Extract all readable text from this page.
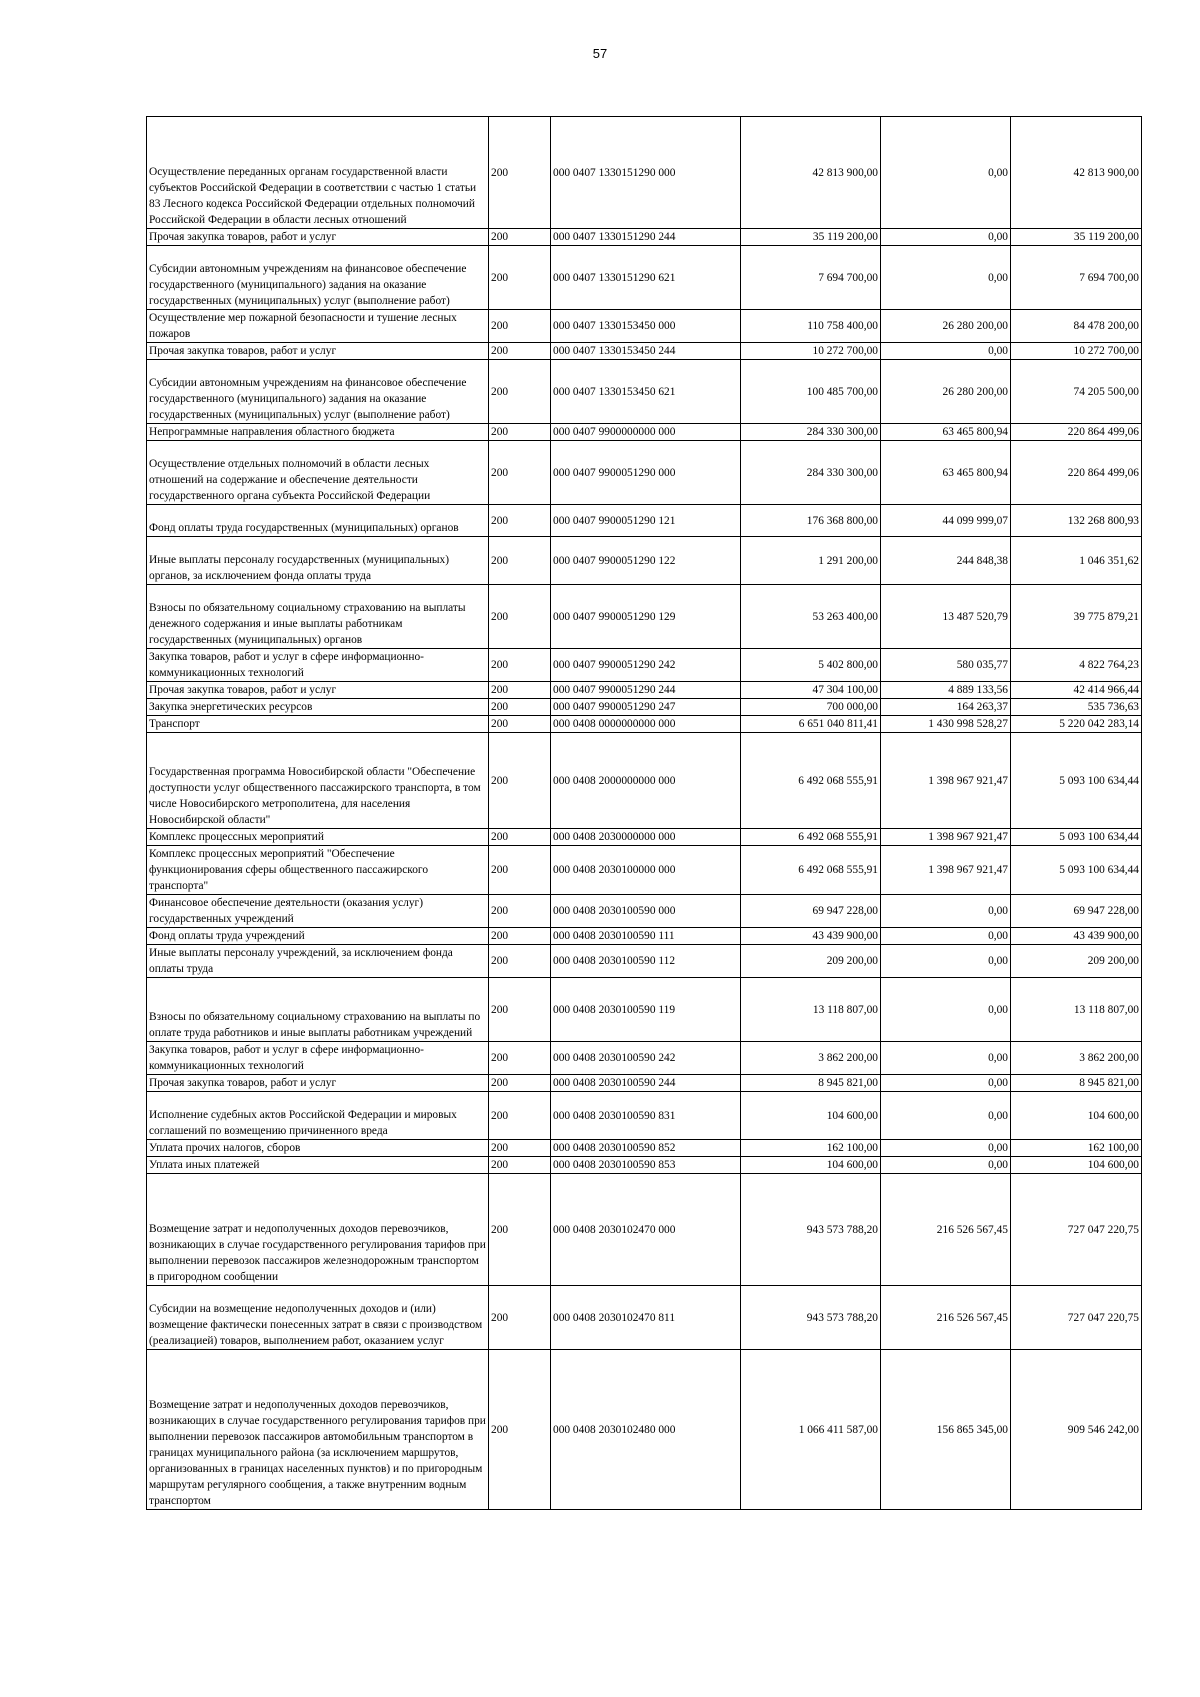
57
Осуществление переданных органам государственной власти субъектов Российской Федерации в соответствии с частью 1 статьи 83 Лесного кодекса Российской Федерации отдельных полномочий Российской Федерации в области лесных отношений	200	000 0407 1330151290 000	42 813 900,00	0,00	42 813 900,00
Прочая закупка товаров, работ и услуг	200	000 0407 1330151290 244	35 119 200,00	0,00	35 119 200,00
Субсидии автономным учреждениям на финансовое обеспечение государственного (муниципального) задания на оказание государственных (муниципальных) услуг (выполнение работ)	200	000 0407 1330151290 621	7 694 700,00	0,00	7 694 700,00
Осуществление мер пожарной безопасности и тушение лесных пожаров	200	000 0407 1330153450 000	110 758 400,00	26 280 200,00	84 478 200,00
Прочая закупка товаров, работ и услуг	200	000 0407 1330153450 244	10 272 700,00	0,00	10 272 700,00
Субсидии автономным учреждениям на финансовое обеспечение государственного (муниципального) задания на оказание государственных (муниципальных) услуг (выполнение работ)	200	000 0407 1330153450 621	100 485 700,00	26 280 200,00	74 205 500,00
Непрограммные направления областного бюджета	200	000 0407 9900000000 000	284 330 300,00	63 465 800,94	220 864 499,06
Осуществление отдельных полномочий в области лесных отношений на содержание и обеспечение деятельности государственного органа субъекта Российской Федерации	200	000 0407 9900051290 000	284 330 300,00	63 465 800,94	220 864 499,06
Фонд оплаты труда государственных (муниципальных) органов	200	000 0407 9900051290 121	176 368 800,00	44 099 999,07	132 268 800,93
Иные выплаты персоналу государственных (муниципальных) органов, за исключением фонда оплаты труда	200	000 0407 9900051290 122	1 291 200,00	244 848,38	1 046 351,62
Взносы по обязательному социальному страхованию на выплаты денежного содержания и иные выплаты работникам государственных (муниципальных) органов	200	000 0407 9900051290 129	53 263 400,00	13 487 520,79	39 775 879,21
Закупка товаров, работ и услуг в сфере информационно-коммуникационных технологий	200	000 0407 9900051290 242	5 402 800,00	580 035,77	4 822 764,23
Прочая закупка товаров, работ и услуг	200	000 0407 9900051290 244	47 304 100,00	4 889 133,56	42 414 966,44
Закупка энергетических ресурсов	200	000 0407 9900051290 247	700 000,00	164 263,37	535 736,63
Транспорт	200	000 0408 0000000000 000	6 651 040 811,41	1 430 998 528,27	5 220 042 283,14
Государственная программа Новосибирской области "Обеспечение доступности услуг общественного пассажирского транспорта, в том числе Новосибирского метрополитена, для населения Новосибирской области"	200	000 0408 2000000000 000	6 492 068 555,91	1 398 967 921,47	5 093 100 634,44
Комплекс процессных мероприятий	200	000 0408 2030000000 000	6 492 068 555,91	1 398 967 921,47	5 093 100 634,44
Комплекс процессных мероприятий "Обеспечение функционирования сферы общественного пассажирского транспорта"	200	000 0408 2030100000 000	6 492 068 555,91	1 398 967 921,47	5 093 100 634,44
Финансовое обеспечение деятельности (оказания услуг) государственных учреждений	200	000 0408 2030100590 000	69 947 228,00	0,00	69 947 228,00
Фонд оплаты труда учреждений	200	000 0408 2030100590 111	43 439 900,00	0,00	43 439 900,00
Иные выплаты персоналу учреждений, за исключением фонда оплаты труда	200	000 0408 2030100590 112	209 200,00	0,00	209 200,00
Взносы по обязательному социальному страхованию на выплаты по оплате труда работников и иные выплаты работникам учреждений	200	000 0408 2030100590 119	13 118 807,00	0,00	13 118 807,00
Закупка товаров, работ и услуг в сфере информационно-коммуникационных технологий	200	000 0408 2030100590 242	3 862 200,00	0,00	3 862 200,00
Прочая закупка товаров, работ и услуг	200	000 0408 2030100590 244	8 945 821,00	0,00	8 945 821,00
Исполнение судебных актов Российской Федерации и мировых соглашений по возмещению причиненного вреда	200	000 0408 2030100590 831	104 600,00	0,00	104 600,00
Уплата прочих налогов, сборов	200	000 0408 2030100590 852	162 100,00	0,00	162 100,00
Уплата иных платежей	200	000 0408 2030100590 853	104 600,00	0,00	104 600,00
Возмещение затрат и недополученных доходов перевозчиков, возникающих в случае государственного регулирования тарифов при выполнении перевозок пассажиров железнодорожным транспортом в пригородном сообщении	200	000 0408 2030102470 000	943 573 788,20	216 526 567,45	727 047 220,75
Субсидии на возмещение недополученных доходов и (или) возмещение фактически понесенных затрат в связи с производством (реализацией) товаров, выполнением работ, оказанием услуг	200	000 0408 2030102470 811	943 573 788,20	216 526 567,45	727 047 220,75
Возмещение затрат и недополученных доходов перевозчиков, возникающих в случае государственного регулирования тарифов при выполнении перевозок пассажиров автомобильным транспортом в границах муниципального района (за исключением маршрутов, организованных в границах населенных пунктов) и по пригородным маршрутам регулярного сообщения, а также внутренним водным транспортом	200	000 0408 2030102480 000	1 066 411 587,00	156 865 345,00	909 546 242,00
